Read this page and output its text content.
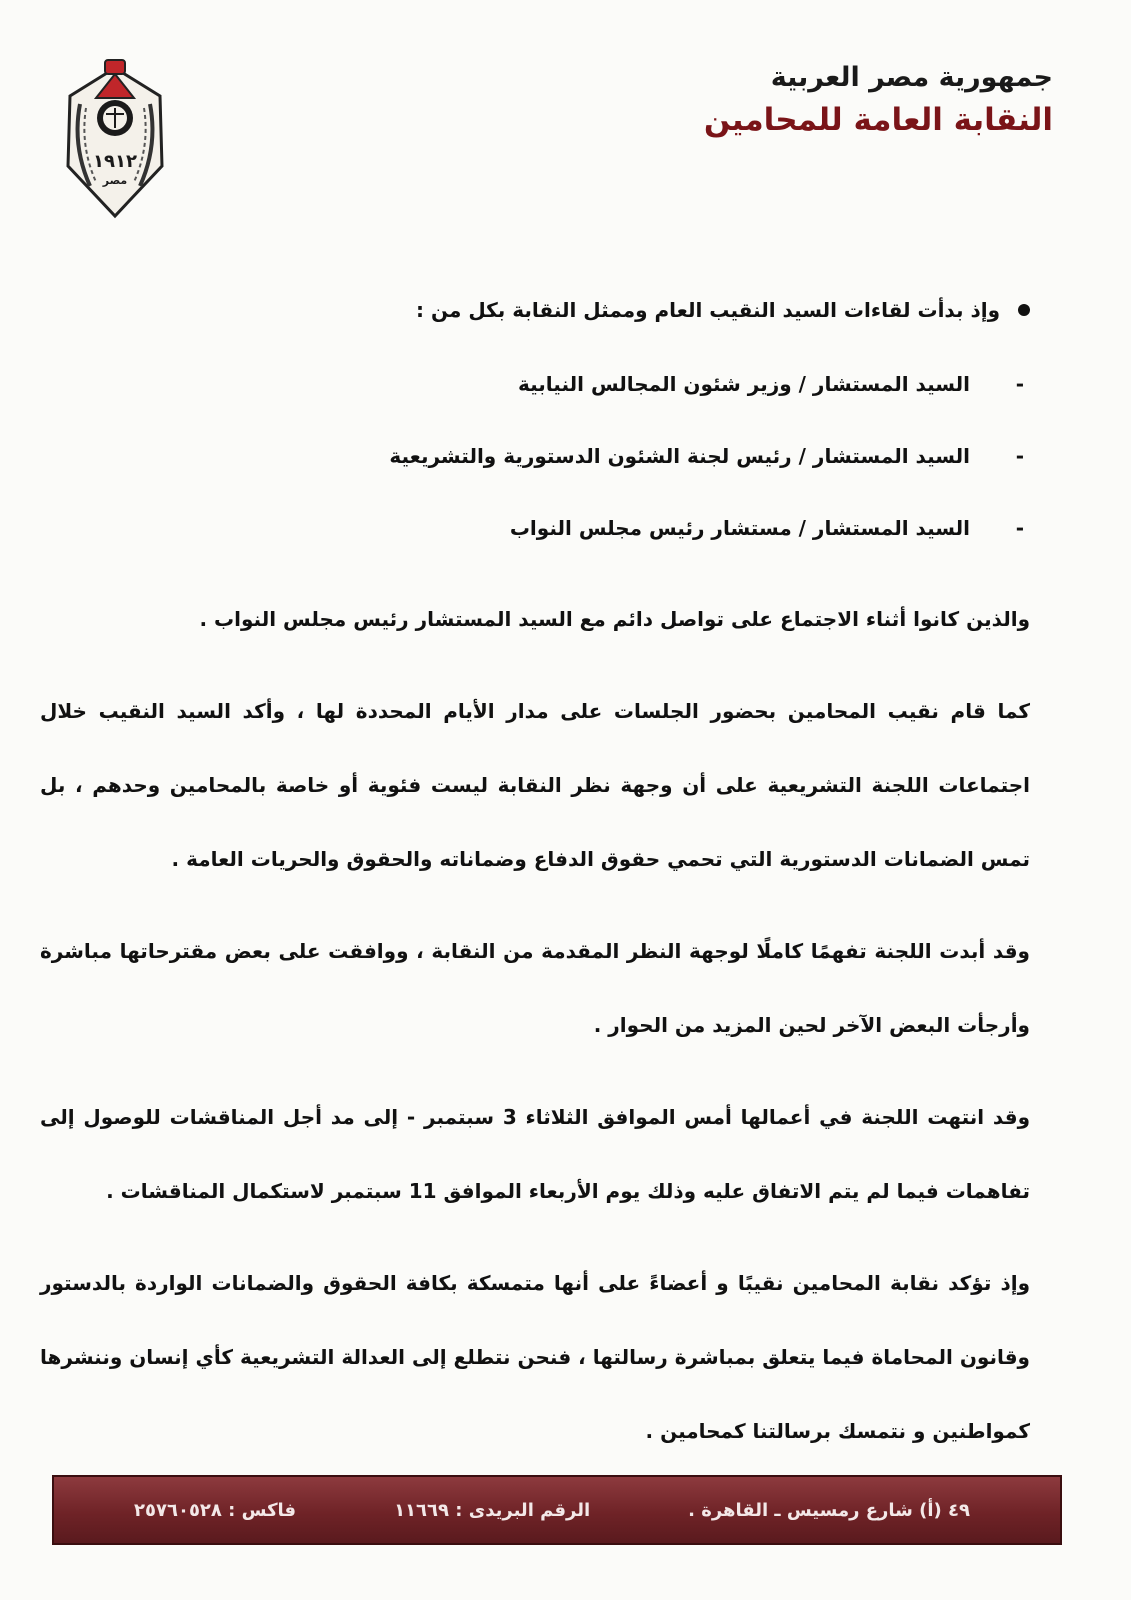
جمهورية مصر العربية
النقابة العامة للمحامين
١٩١٢
مصر
وإذ بدأت لقاءات السيد النقيب العام وممثل النقابة بكل من :
-
السيد المستشار / وزير شئون المجالس النيابية
-
السيد المستشار / رئيس لجنة الشئون الدستورية والتشريعية
-
السيد المستشار / مستشار رئيس مجلس النواب
والذين كانوا أثناء الاجتماع على تواصل دائم مع السيد المستشار رئيس مجلس النواب .
كما قام نقيب المحامين بحضور الجلسات على مدار الأيام المحددة لها ، وأكد السيد النقيب خلال اجتماعات اللجنة التشريعية على أن وجهة نظر النقابة ليست فئوية أو خاصة بالمحامين وحدهم ، بل تمس الضمانات الدستورية التي تحمي حقوق الدفاع وضماناته والحقوق والحريات العامة .
وقد أبدت اللجنة تفهمًا كاملًا لوجهة النظر المقدمة من النقابة ، ووافقت على بعض مقترحاتها مباشرة وأرجأت البعض الآخر لحين المزيد من الحوار .
وقد انتهت اللجنة في أعمالها أمس الموافق الثلاثاء 3 سبتمبر - إلى مد أجل المناقشات للوصول إلى تفاهمات فيما لم يتم الاتفاق عليه وذلك يوم الأربعاء الموافق 11 سبتمبر لاستكمال المناقشات .
وإذ تؤكد نقابة المحامين نقيبًا و أعضاءً على أنها متمسكة بكافة الحقوق والضمانات الواردة بالدستور وقانون المحاماة فيما يتعلق بمباشرة رسالتها ، فنحن نتطلع إلى العدالة التشريعية كأي إنسان وننشرها كمواطنين و نتمسك برسالتنا كمحامين .
٤٩ (أ) شارع رمسيس ـ القاهرة .
الرقم البريدى : ١١٦٦٩
فاكس : ٢٥٧٦٠٥٢٨
